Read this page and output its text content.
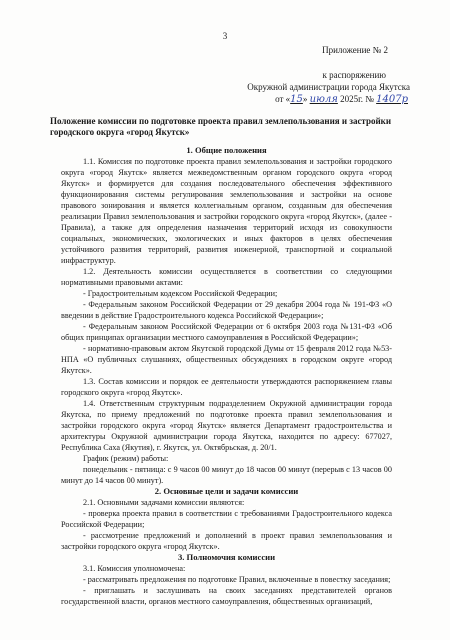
3
Приложение № 2
к распоряжению
Окружной администрации города Якутска
от «15» июля 2025г. № 1407р
Положение комиссии по подготовке проекта правил землепользования и застройки городского округа «город Якутск»

1. Общие положения

1.1. Комиссия по подготовке проекта правил землепользования и застройки городского округа «город Якутск» является межведомственным органом городского округа «город Якутск» и формируется для создания последовательного обеспечения эффективного функционирования системы регулирования землепользования и застройки на основе правового зонирования и является коллегиальным органом, созданным для обеспечения реализации Правил землепользования и застройки городского округа «город Якутск», (далее - Правила), а также для определения назначения территорий исходя из совокупности социальных, экономических, экологических и иных факторов в целях обеспечения устойчивого развития территорий, развития инженерной, транспортной и социальной инфраструктур.

1.2. Деятельность комиссии осуществляется в соответствии со следующими нормативными правовыми актами:

- Градостроительным кодексом Российской Федерации;

- Федеральным законом Российской Федерации от 29 декабря 2004 года № 191-ФЗ «О введении в действие Градостроительного кодекса Российской Федерации»;

- Федеральным законом Российской Федерации от 6 октября 2003 года №131-ФЗ «Об общих принципах организации местного самоуправления в Российской Федерации»;

- нормативно-правовым актом Якутской городской Думы от 15 февраля 2012 года №53-НПА «О публичных слушаниях, общественных обсуждениях в городском округе «город Якутск».

1.3. Состав комиссии и порядок ее деятельности утверждаются распоряжением главы городского округа «город Якутск».

1.4. Ответственным структурным подразделением Окружной администрации города Якутска, по приему предложений по подготовке проекта правил землепользования и застройки городского округа «город Якутск» является Департамент градостроительства и архитектуры Окружной администрации города Якутска, находится по адресу: 677027, Республика Саха (Якутия), г. Якутск, ул. Октябрьская, д. 20/1.

График (режим) работы:

понедельник - пятница: с 9 часов 00 минут до 18 часов 00 минут (перерыв с 13 часов 00 минут до 14 часов 00 минут).

2. Основные цели и задачи комиссии

2.1. Основными задачами комиссии являются:

- проверка проекта правил в соответствии с требованиями Градостроительного кодекса Российской Федерации;

- рассмотрение предложений и дополнений в проект правил землепользования и застройки городского округа «город Якутск».

3. Полномочия комиссии

3.1. Комиссия уполномочена:

- рассматривать предложения по подготовке Правил, включенные в повестку заседания;

- приглашать и заслушивать на своих заседаниях представителей органов государственной власти, органов местного самоуправления, общественных организаций,
